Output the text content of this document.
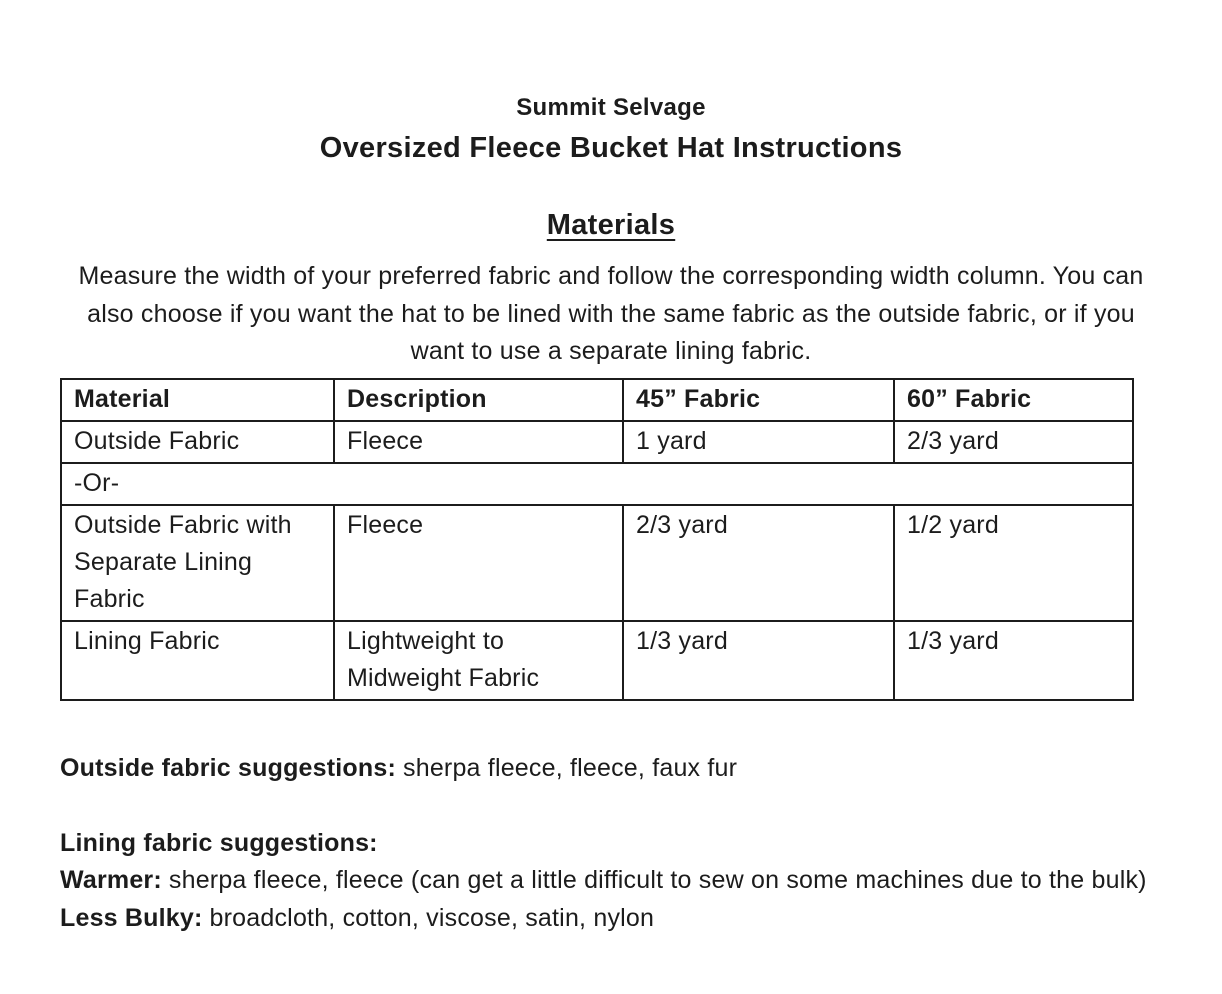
Summit Selvage
Oversized Fleece Bucket Hat Instructions
Materials

Measure the width of your preferred fabric and follow the corresponding width column. You can also choose if you want the hat to be lined with the same fabric as the outside fabric, or if you want to use a separate lining fabric.

Material	Description	45” Fabric	60” Fabric
Outside Fabric	Fleece	1 yard	2/3 yard
-Or-			
Outside Fabric with Separate Lining Fabric	Fleece	2/3 yard	1/2 yard
Lining Fabric	Lightweight to Midweight Fabric	1/3 yard	1/3 yard

Outside fabric suggestions: sherpa fleece, fleece, faux fur

Lining fabric suggestions:

Warmer: sherpa fleece, fleece (can get a little difficult to sew on some machines due to the bulk)

Less Bulky: broadcloth, cotton, viscose, satin, nylon
